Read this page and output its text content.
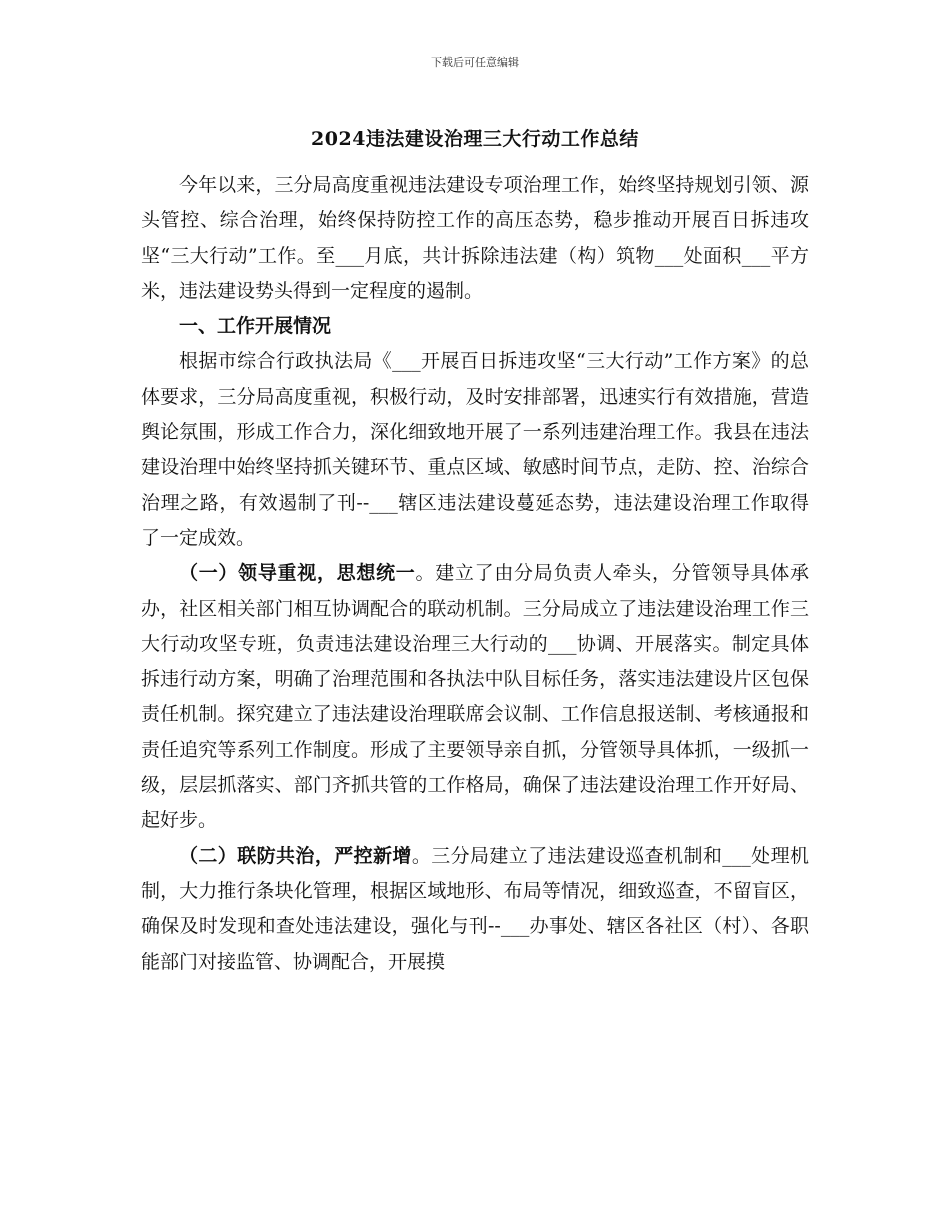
下载后可任意编辑
2024违法建设治理三大行动工作总结

今年以来，三分局高度重视违法建设专项治理工作，始终坚持规划引领、源头管控、综合治理，始终保持防控工作的高压态势，稳步推动开展百日拆违攻坚“三大行动”工作。至___月底，共计拆除违法建（构）筑物___处面积___平方米，违法建设势头得到一定程度的遏制。

一、工作开展情况

根据市综合行政执法局《___开展百日拆违攻坚“三大行动”工作方案》的总体要求，三分局高度重视，积极行动，及时安排部署，迅速实行有效措施，营造舆论氛围，形成工作合力，深化细致地开展了一系列违建治理工作。我县在违法建设治理中始终坚持抓关键环节、重点区域、敏感时间节点，走防、控、治综合治理之路，有效遏制了刊--___辖区违法建设蔓延态势，违法建设治理工作取得了一定成效。

（一）领导重视，思想统一。建立了由分局负责人牵头，分管领导具体承办，社区相关部门相互协调配合的联动机制。三分局成立了违法建设治理工作三大行动攻坚专班，负责违法建设治理三大行动的___协调、开展落实。制定具体拆违行动方案，明确了治理范围和各执法中队目标任务，落实违法建设片区包保责任机制。探究建立了违法建设治理联席会议制、工作信息报送制、考核通报和责任追究等系列工作制度。形成了主要领导亲自抓，分管领导具体抓，一级抓一级，层层抓落实、部门齐抓共管的工作格局，确保了违法建设治理工作开好局、起好步。

（二）联防共治，严控新增。三分局建立了违法建设巡查机制和___处理机制，大力推行条块化管理，根据区域地形、布局等情况，细致巡查，不留盲区，确保及时发现和查处违法建设，强化与刊--___办事处、辖区各社区（村）、各职能部门对接监管、协调配合，开展摸
